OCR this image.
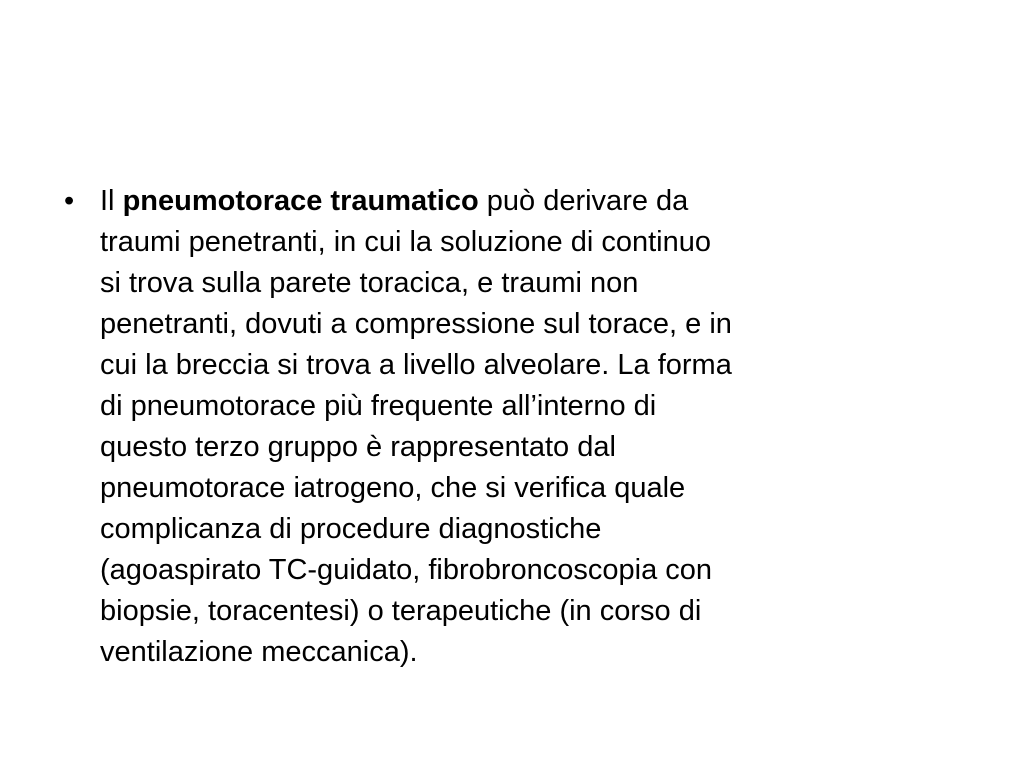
• Il pneumotorace traumatico può derivare da
traumi penetranti, in cui la soluzione di continuo
si trova sulla parete toracica, e traumi non
penetranti, dovuti a compressione sul torace, e in
cui la breccia si trova a livello alveolare. La forma
di pneumotorace più frequente all’interno di
questo terzo gruppo è rappresentato dal
pneumotorace iatrogeno, che si verifica quale
complicanza di procedure diagnostiche
(agoaspirato TC-guidato, fibrobroncoscopia con
biopsie, toracentesi) o terapeutiche (in corso di
ventilazione meccanica).
